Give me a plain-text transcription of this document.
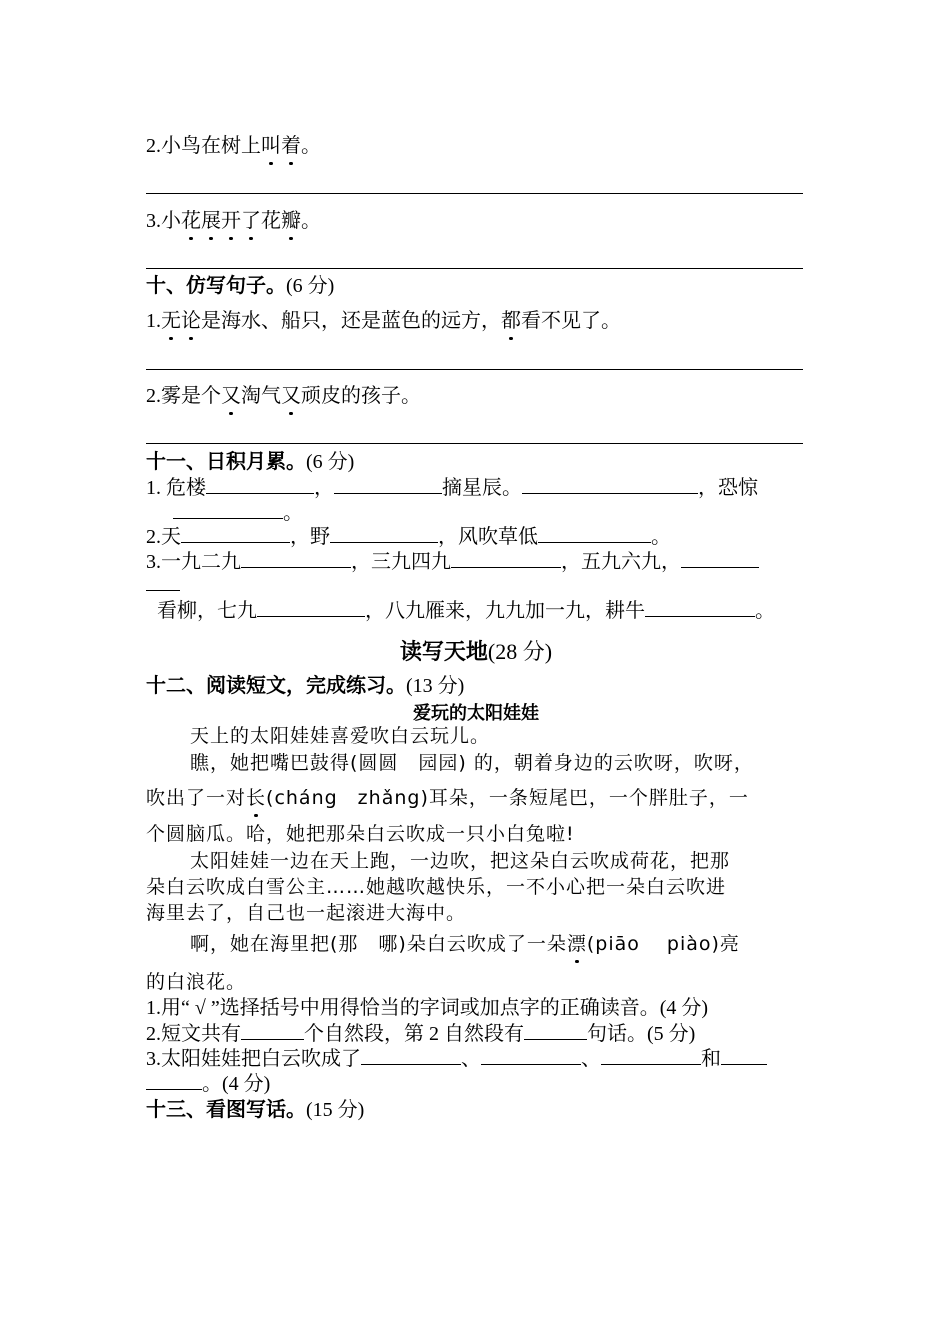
2.小鸟在树上叫着。
3.小花展开了花瓣。
十、仿写句子。(6 分)
1.无论是海水、船只，还是蓝色的远方，都看不见了。
2.雾是个又淘气又顽皮的孩子。
十一、日积月累。(6 分)
1. 危楼	，	摘星辰。	，恐惊
。
2.天	，野	，风吹草低	。
3.一九二九	，三九四九	，五九六九，
看柳，七九	，八九雁来，九九加一九，耕牛	。
读写天地(28 分)
十二、阅读短文，完成练习。(13 分)
爱玩的太阳娃娃
天上的太阳娃娃喜爱吹白云玩儿。
瞧，她把嘴巴鼓得(圆圆　园园) 的，朝着身边的云吹呀，吹呀，
吹出了一对长(cháng　zhǎng)耳朵，一条短尾巴，一个胖肚子，一
个圆脑瓜。哈，她把那朵白云吹成一只小白兔啦!
太阳娃娃一边在天上跑，一边吹，把这朵白云吹成荷花，把那
朵白云吹成白雪公主……她越吹越快乐，一不小心把一朵白云吹进
海里去了，自己也一起滚进大海中。
啊，她在海里把(那　哪)朵白云吹成了一朵漂(piāo　 piào)亮
的白浪花。
1.用“ √ ”选择括号中用得恰当的字词或加点字的正确读音。(4 分)
2.短文共有	个自然段，第 2 自然段有	句话。(5 分)
3.太阳娃娃把白云吹成了	、	、	和
。(4 分)
十三、看图写话。(15 分)
